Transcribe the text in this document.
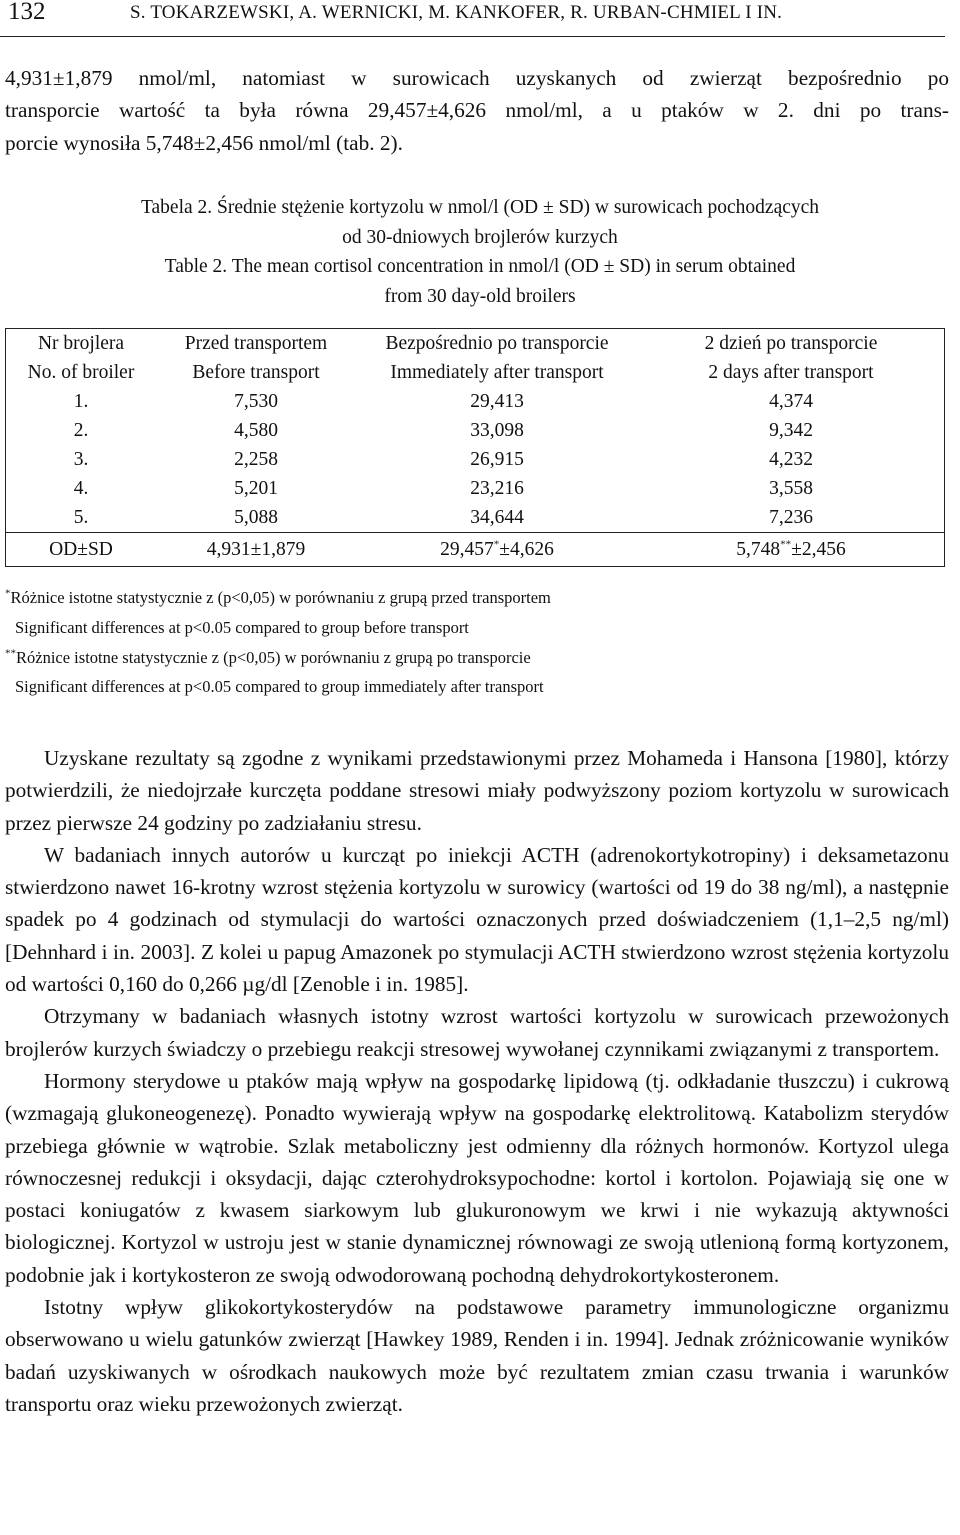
132	S. TOKARZEWSKI, A. WERNICKI, M. KANKOFER, R. URBAN-CHMIEL I IN.
4,931±1,879 nmol/ml, natomiast w surowicach uzyskanych od zwierząt bezpośrednio po
transporcie wartość ta była równa 29,457±4,626 nmol/ml, a u ptaków w 2. dni po trans-
porcie wynosiła 5,748±2,456 nmol/ml (tab. 2).
Tabela 2. Średnie stężenie kortyzolu w nmol/l (OD ± SD) w surowicach pochodzących
od 30-dniowych brojlerów kurzych
Table 2. The mean cortisol concentration in nmol/l (OD ± SD) in serum obtained
from 30 day-old broilers
Nr brojlera	Przed transportem	Bezpośrednio po transporcie	2 dzień po transporcie
No. of broiler	Before transport	Immediately after transport	2 days after transport
1.	7,530	29,413	4,374
2.	4,580	33,098	9,342
3.	2,258	26,915	4,232
4.	5,201	23,216	3,558
5.	5,088	34,644	7,236
OD±SD	4,931±1,879	29,457*±4,626	5,748**±2,456
*Różnice istotne statystycznie z (p<0,05) w porównaniu z grupą przed transportem
Significant differences at p<0.05 compared to group before transport
**Różnice istotne statystycznie z (p<0,05) w porównaniu z grupą po transporcie
Significant differences at p<0.05 compared to group immediately after transport

Uzyskane rezultaty są zgodne z wynikami przedstawionymi przez Mohameda i Hansona [1980], którzy potwierdzili, że niedojrzałe kurczęta poddane stresowi miały podwyższony poziom kortyzolu w surowicach przez pierwsze 24 godziny po zadziałaniu stresu.

W badaniach innych autorów u kurcząt po iniekcji ACTH (adrenokortykotropiny) i deksametazonu stwierdzono nawet 16-krotny wzrost stężenia kortyzolu w surowicy (wartości od 19 do 38 ng/ml), a następnie spadek po 4 godzinach od stymulacji do wartości oznaczonych przed doświadczeniem (1,1–2,5 ng/ml) [Dehnhard i in. 2003]. Z kolei u papug Amazonek po stymulacji ACTH stwierdzono wzrost stężenia kortyzolu od wartości 0,160 do 0,266 µg/dl [Zenoble i in. 1985].

Otrzymany w badaniach własnych istotny wzrost wartości kortyzolu w surowicach przewożonych brojlerów kurzych świadczy o przebiegu reakcji stresowej wywołanej czynnikami związanymi z transportem.

Hormony sterydowe u ptaków mają wpływ na gospodarkę lipidową (tj. odkładanie tłuszczu) i cukrową (wzmagają glukoneogenezę). Ponadto wywierają wpływ na gospodarkę elektrolitową. Katabolizm sterydów przebiega głównie w wątrobie. Szlak metaboliczny jest odmienny dla różnych hormonów. Kortyzol ulega równoczesnej redukcji i oksydacji, dając czterohydroksypochodne: kortol i kortolon. Pojawiają się one w postaci koniugatów z kwasem siarkowym lub glukuronowym we krwi i nie wykazują aktywności biologicznej. Kortyzol w ustroju jest w stanie dynamicznej równowagi ze swoją utlenioną formą kortyzonem, podobnie jak i kortykosteron ze swoją odwodorowaną pochodną dehydrokortykosteronem.

Istotny wpływ glikokortykosterydów na podstawowe parametry immunologiczne organizmu obserwowano u wielu gatunków zwierząt [Hawkey 1989, Renden i in. 1994]. Jednak zróżnicowanie wyników badań uzyskiwanych w ośrodkach naukowych może być rezultatem zmian czasu trwania i warunków transportu oraz wieku przewożonych zwierząt.
